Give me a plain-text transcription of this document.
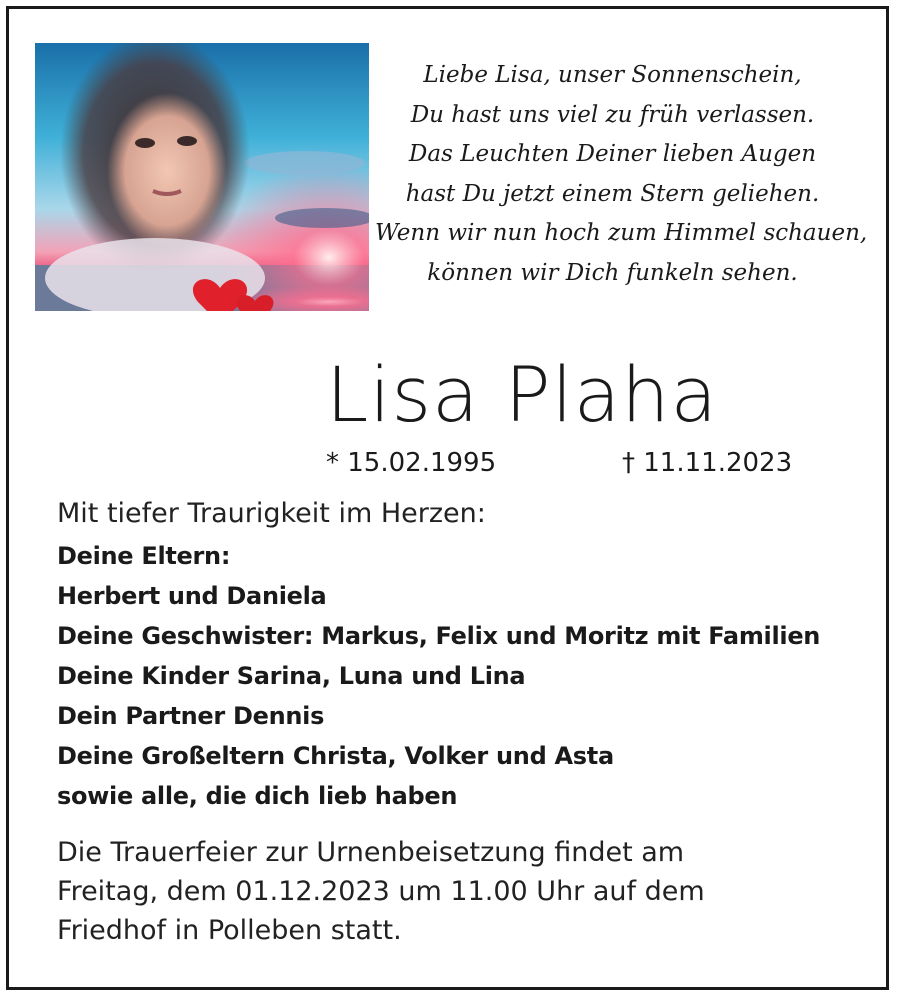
Liebe Lisa, unser Sonnenschein,
Du hast uns viel zu früh verlassen.
Das Leuchten Deiner lieben Augen
hast Du jetzt einem Stern geliehen.
Wenn wir nun hoch zum Himmel schauen,
können wir Dich funkeln sehen.
Lisa Plaha
* 15.02.1995	† 11.11.2023
Mit tiefer Traurigkeit im Herzen:
Deine Eltern:
Herbert und Daniela
Deine Geschwister: Markus, Felix und Moritz mit Familien
Deine Kinder Sarina, Luna und Lina
Dein Partner Dennis
Deine Großeltern Christa, Volker und Asta
sowie alle, die dich lieb haben
Die Trauerfeier zur Urnenbeisetzung findet am
Freitag, dem 01.12.2023 um 11.00 Uhr auf dem
Friedhof in Polleben statt.
